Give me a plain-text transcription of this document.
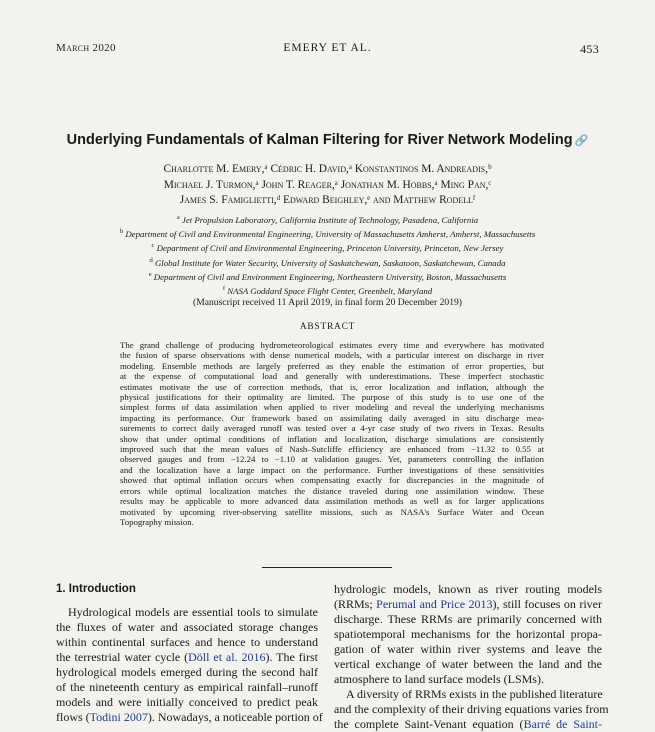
March 2020	EMERY ET AL.	453
Underlying Fundamentals of Kalman Filtering for River Network Modeling 🔗
Charlotte M. Emery,ᵃ Cédric H. David,ᵃ Konstantinos M. Andreadis,ᵇ
Michael J. Turmon,ᵃ John T. Reager,ᵃ Jonathan M. Hobbs,ᵃ Ming Pan,ᶜ
James S. Famiglietti,ᵈ Edward Beighley,ᵉ and Matthew Rodellᶠ
$^a$ Jet Propulsion Laboratory, California Institute of Technology, Pasadena, California
$^b$ Department of Civil and Environmental Engineering, University of Massachusetts Amherst, Amherst, Massachusetts
$^c$ Department of Civil and Environmental Engineering, Princeton University, Princeton, New Jersey
$^d$ Global Institute for Water Security, University of Saskatchewan, Saskatoon, Saskatchewan, Canada
$^e$ Department of Civil and Environment Engineering, Northeastern University, Boston, Massachusetts
$^f$ NASA Goddard Space Flight Center, Greenbelt, Maryland
(Manuscript received 11 April 2019, in final form 20 December 2019)
ABSTRACT
The grand challenge of producing hydrometeorological estimates every time and everywhere has motivated
the fusion of sparse observations with dense numerical models, with a particular interest on discharge in river
modeling. Ensemble methods are largely preferred as they enable the estimation of error properties, but
at the expense of computational load and generally with underestimations. These imperfect stochastic
estimates motivate the use of correction methods, that is, error localization and inflation, although the
physical justifications for their optimality are limited. The purpose of this study is to use one of the
simplest forms of data assimilation when applied to river modeling and reveal the underlying mechanisms
impacting its performance. Our framework based on assimilating daily averaged in situ discharge mea-
surements to correct daily averaged runoff was tested over a 4-yr case study of two rivers in Texas. Results
show that under optimal conditions of inflation and localization, discharge simulations are consistently
improved such that the mean values of Nash–Sutcliffe efficiency are enhanced from −11.32 to 0.55 at
observed gauges and from −12.24 to −1.10 at validation gauges. Yet, parameters controlling the inflation
and the localization have a large impact on the performance. Further investigations of these sensitivities
showed that optimal inflation occurs when compensating exactly for discrepancies in the magnitude of
errors while optimal localization matches the distance traveled during one assimilation window. These
results may be applicable to more advanced data assimilation methods as well as for larger applications
motivated by upcoming river-observing satellite missions, such as NASA's Surface Water and Ocean
Topography mission.
1. Introduction
Hydrological models are essential tools to simulate
the fluxes of water and associated storage changes
within continental surfaces and hence to understand
the terrestrial water cycle (Döll et al. 2016). The first
hydrological models emerged during the second half
of the nineteenth century as empirical rainfall–runoff
models and were initially conceived to predict peak
flows (Todini 2007). Nowadays, a noticeable portion of
hydrologic models, known as river routing models
(RRMs; Perumal and Price 2013), still focuses on river
discharge. These RRMs are primarily concerned with
spatiotemporal mechanisms for the horizontal propa-
gation of water within river systems and leave the
vertical exchange of water between the land and the
atmosphere to land surface models (LSMs).
A diversity of RRMs exists in the published literature
and the complexity of their driving equations varies from
the complete Saint-Venant equation (Barré de Saint-
